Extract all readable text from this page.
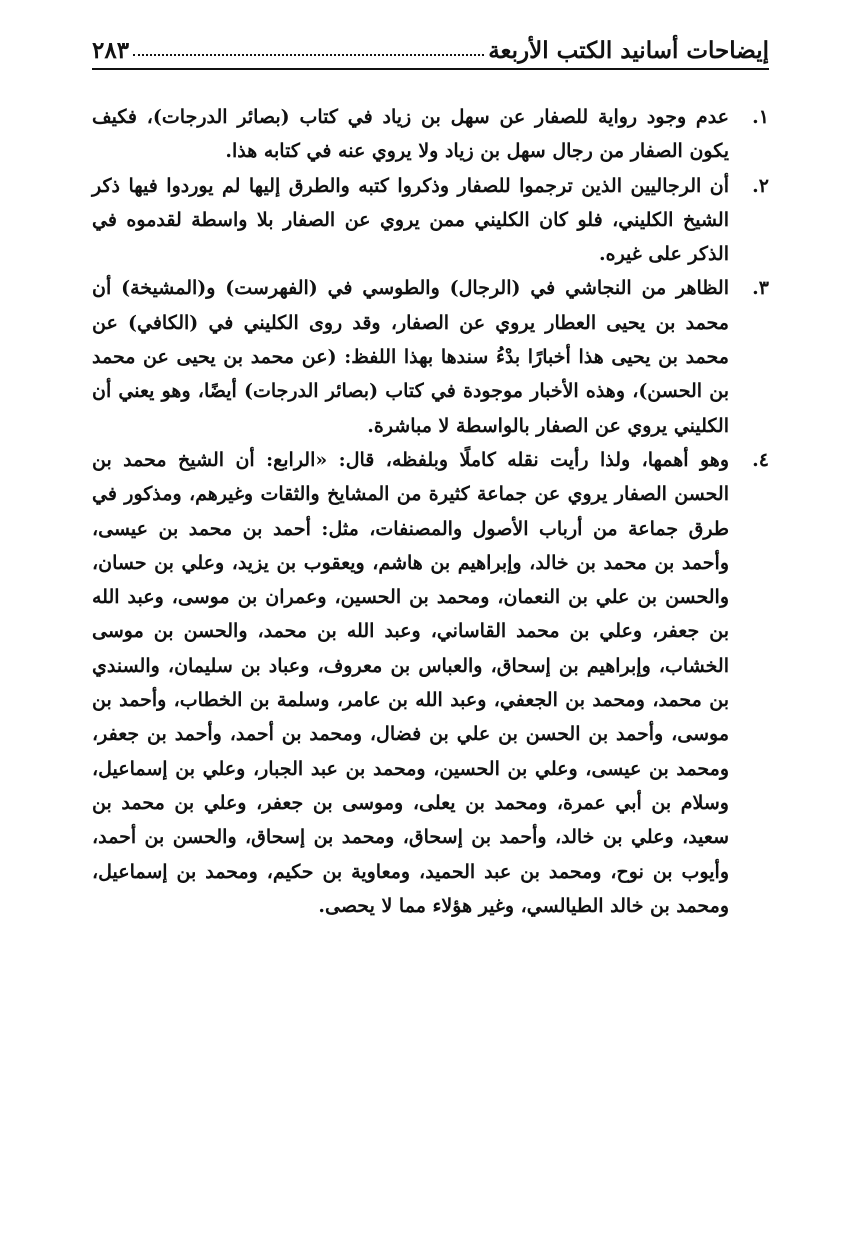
إيضاحات أسانيد الكتب الأربعة
٢٨٣
١.
عدم وجود رواية للصفار عن سهل بن زياد في كتاب (بصائر الدرجات)، فكيف يكون الصفار من رجال سهل بن زياد ولا يروي عنه في كتابه هذا.
٢.
أن الرجاليين الذين ترجموا للصفار وذكروا كتبه والطرق إليها لم يوردوا فيها ذكر الشيخ الكليني، فلو كان الكليني ممن يروي عن الصفار بلا واسطة لقدموه في الذكر على غيره.
٣.
الظاهر من النجاشي في (الرجال) والطوسي في (الفهرست) و(المشيخة) أن محمد بن يحيى العطار يروي عن الصفار، وقد روى الكليني في (الكافي) عن محمد بن يحيى هذا أخبارًا بدْءُ سندها بهذا اللفظ: (عن محمد بن يحيى عن محمد بن الحسن)، وهذه الأخبار موجودة في كتاب (بصائر الدرجات) أيضًا، وهو يعني أن الكليني يروي عن الصفار بالواسطة لا مباشرة.
٤.
وهو أهمها، ولذا رأيت نقله كاملًا وبلفظه، قال: «الرابع: أن الشيخ محمد بن الحسن الصفار يروي عن جماعة كثيرة من المشايخ والثقات وغيرهم، ومذكور في طرق جماعة من أرباب الأصول والمصنفات، مثل: أحمد بن محمد بن عيسى، وأحمد بن محمد بن خالد، وإبراهيم بن هاشم، ويعقوب بن يزيد، وعلي بن حسان، والحسن بن علي بن النعمان، ومحمد بن الحسين، وعمران بن موسى، وعبد الله بن جعفر، وعلي بن محمد القاساني، وعبد الله بن محمد، والحسن بن موسى الخشاب، وإبراهيم بن إسحاق، والعباس بن معروف، وعباد بن سليمان، والسندي بن محمد، ومحمد بن الجعفي، وعبد الله بن عامر، وسلمة بن الخطاب، وأحمد بن موسى، وأحمد بن الحسن بن علي بن فضال، ومحمد بن أحمد، وأحمد بن جعفر، ومحمد بن عيسى، وعلي بن الحسين، ومحمد بن عبد الجبار، وعلي بن إسماعيل، وسلام بن أبي عمرة، ومحمد بن يعلى، وموسى بن جعفر، وعلي بن محمد بن سعيد، وعلي بن خالد، وأحمد بن إسحاق، ومحمد بن إسحاق، والحسن بن أحمد، وأيوب بن نوح، ومحمد بن عبد الحميد، ومعاوية بن حكيم، ومحمد بن إسماعيل، ومحمد بن خالد الطيالسي، وغير هؤلاء مما لا يحصى.
